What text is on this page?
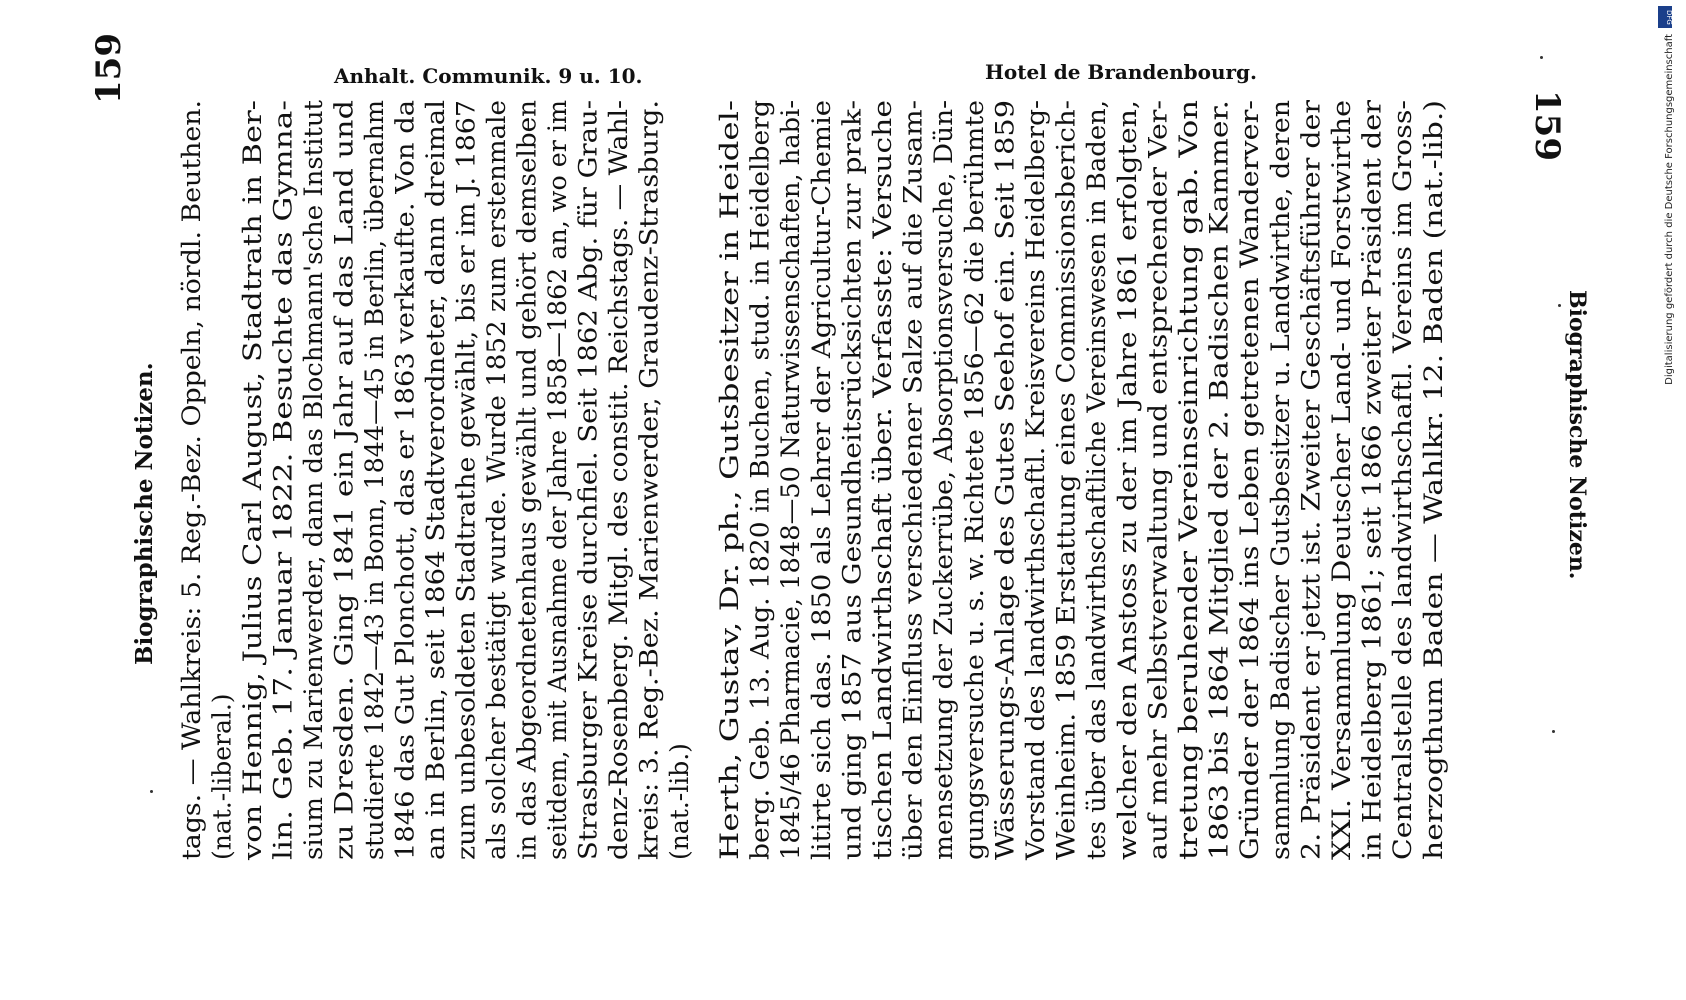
159
Biographische Notizen.
Anhalt. Communik. 9 u. 10.	Hotel de Brandenbourg.
tags. — Wahlkreis: 5. Reg.-Bez. Oppeln, nördl. Beuthen. (nat.-liberal.) von Hennig, Julius Carl August, Stadtrath in Ber- lin. Geb. 17. Januar 1822. Besuchte das Gymna- sium zu Marienwerder, dann das Blochmann'sche Institut zu Dresden. Ging 1841 ein Jahr auf das Land und studierte 1842—43 in Bonn, 1844—45 in Berlin, übernahm 1846 das Gut Plonchott, das er 1863 verkaufte. Von da an in Berlin, seit 1864 Stadtverordneter, dann dreimal zum unbesoldeten Stadtrathe gewählt, bis er im J. 1867 als solcher bestätigt wurde. Wurde 1852 zum erstenmale in das Abgeordnetenhaus gewählt und gehört demselben seitdem, mit Ausnahme der Jahre 1858—1862 an, wo er im Strasburger Kreise durchfiel. Seit 1862 Abg. für Grau- denz-Rosenberg. Mitgl. des constit. Reichstags. — Wahl- kreis: 3. Reg.-Bez. Marienwerder, Graudenz-Strasburg. (nat.-lib.) Herth, Gustav, Dr. ph., Gutsbesitzer in Heidel- berg. Geb. 13. Aug. 1820 in Buchen, stud. in Heidelberg 1845/46 Pharmacie, 1848—50 Naturwissenschaften, habi- litirte sich das. 1850 als Lehrer der Agricultur-Chemie und ging 1857 aus Gesundheitsrücksichten zur prak- tischen Landwirthschaft über. Verfasste: Versuche über den Einfluss verschiedener Salze auf die Zusam- mensetzung der Zuckerrübe, Absorptionsversuche, Dün- gungsversuche u. s. w. Richtete 1856—62 die berühmte Wässerungs-Anlage des Gutes Seehof ein. Seit 1859 Vorstand des landwirthschaftl. Kreisvereins Heidelberg- Weinheim. 1859 Erstattung eines Commissionsberich- tes über das landwirthschaftliche Vereinswesen in Baden, welcher den Anstoss zu der im Jahre 1861 erfolgten, auf mehr Selbstverwaltung und entsprechender Ver- tretung beruhender Vereinseinrichtung gab. Von 1863 bis 1864 Mitglied der 2. Badischen Kammer. Gründer der 1864 ins Leben getretenen Wanderver- sammlung Badischer Gutsbesitzer u. Landwirthe, deren 2. Präsident er jetzt ist. Zweiter Geschäftsführer der XXI. Versammlung Deutscher Land- und Forstwirthe in Heidelberg 1861; seit 1866 zweiter Präsident der Centralstelle des landwirthschaftl. Vereins im Gross- herzogthum Baden — Wahlkr. 12. Baden (nat.-lib.)
159
Biographische Notizen.
DFG
Digitalisierung gefördert durch die Deutsche Forschungsgemeinschaft
